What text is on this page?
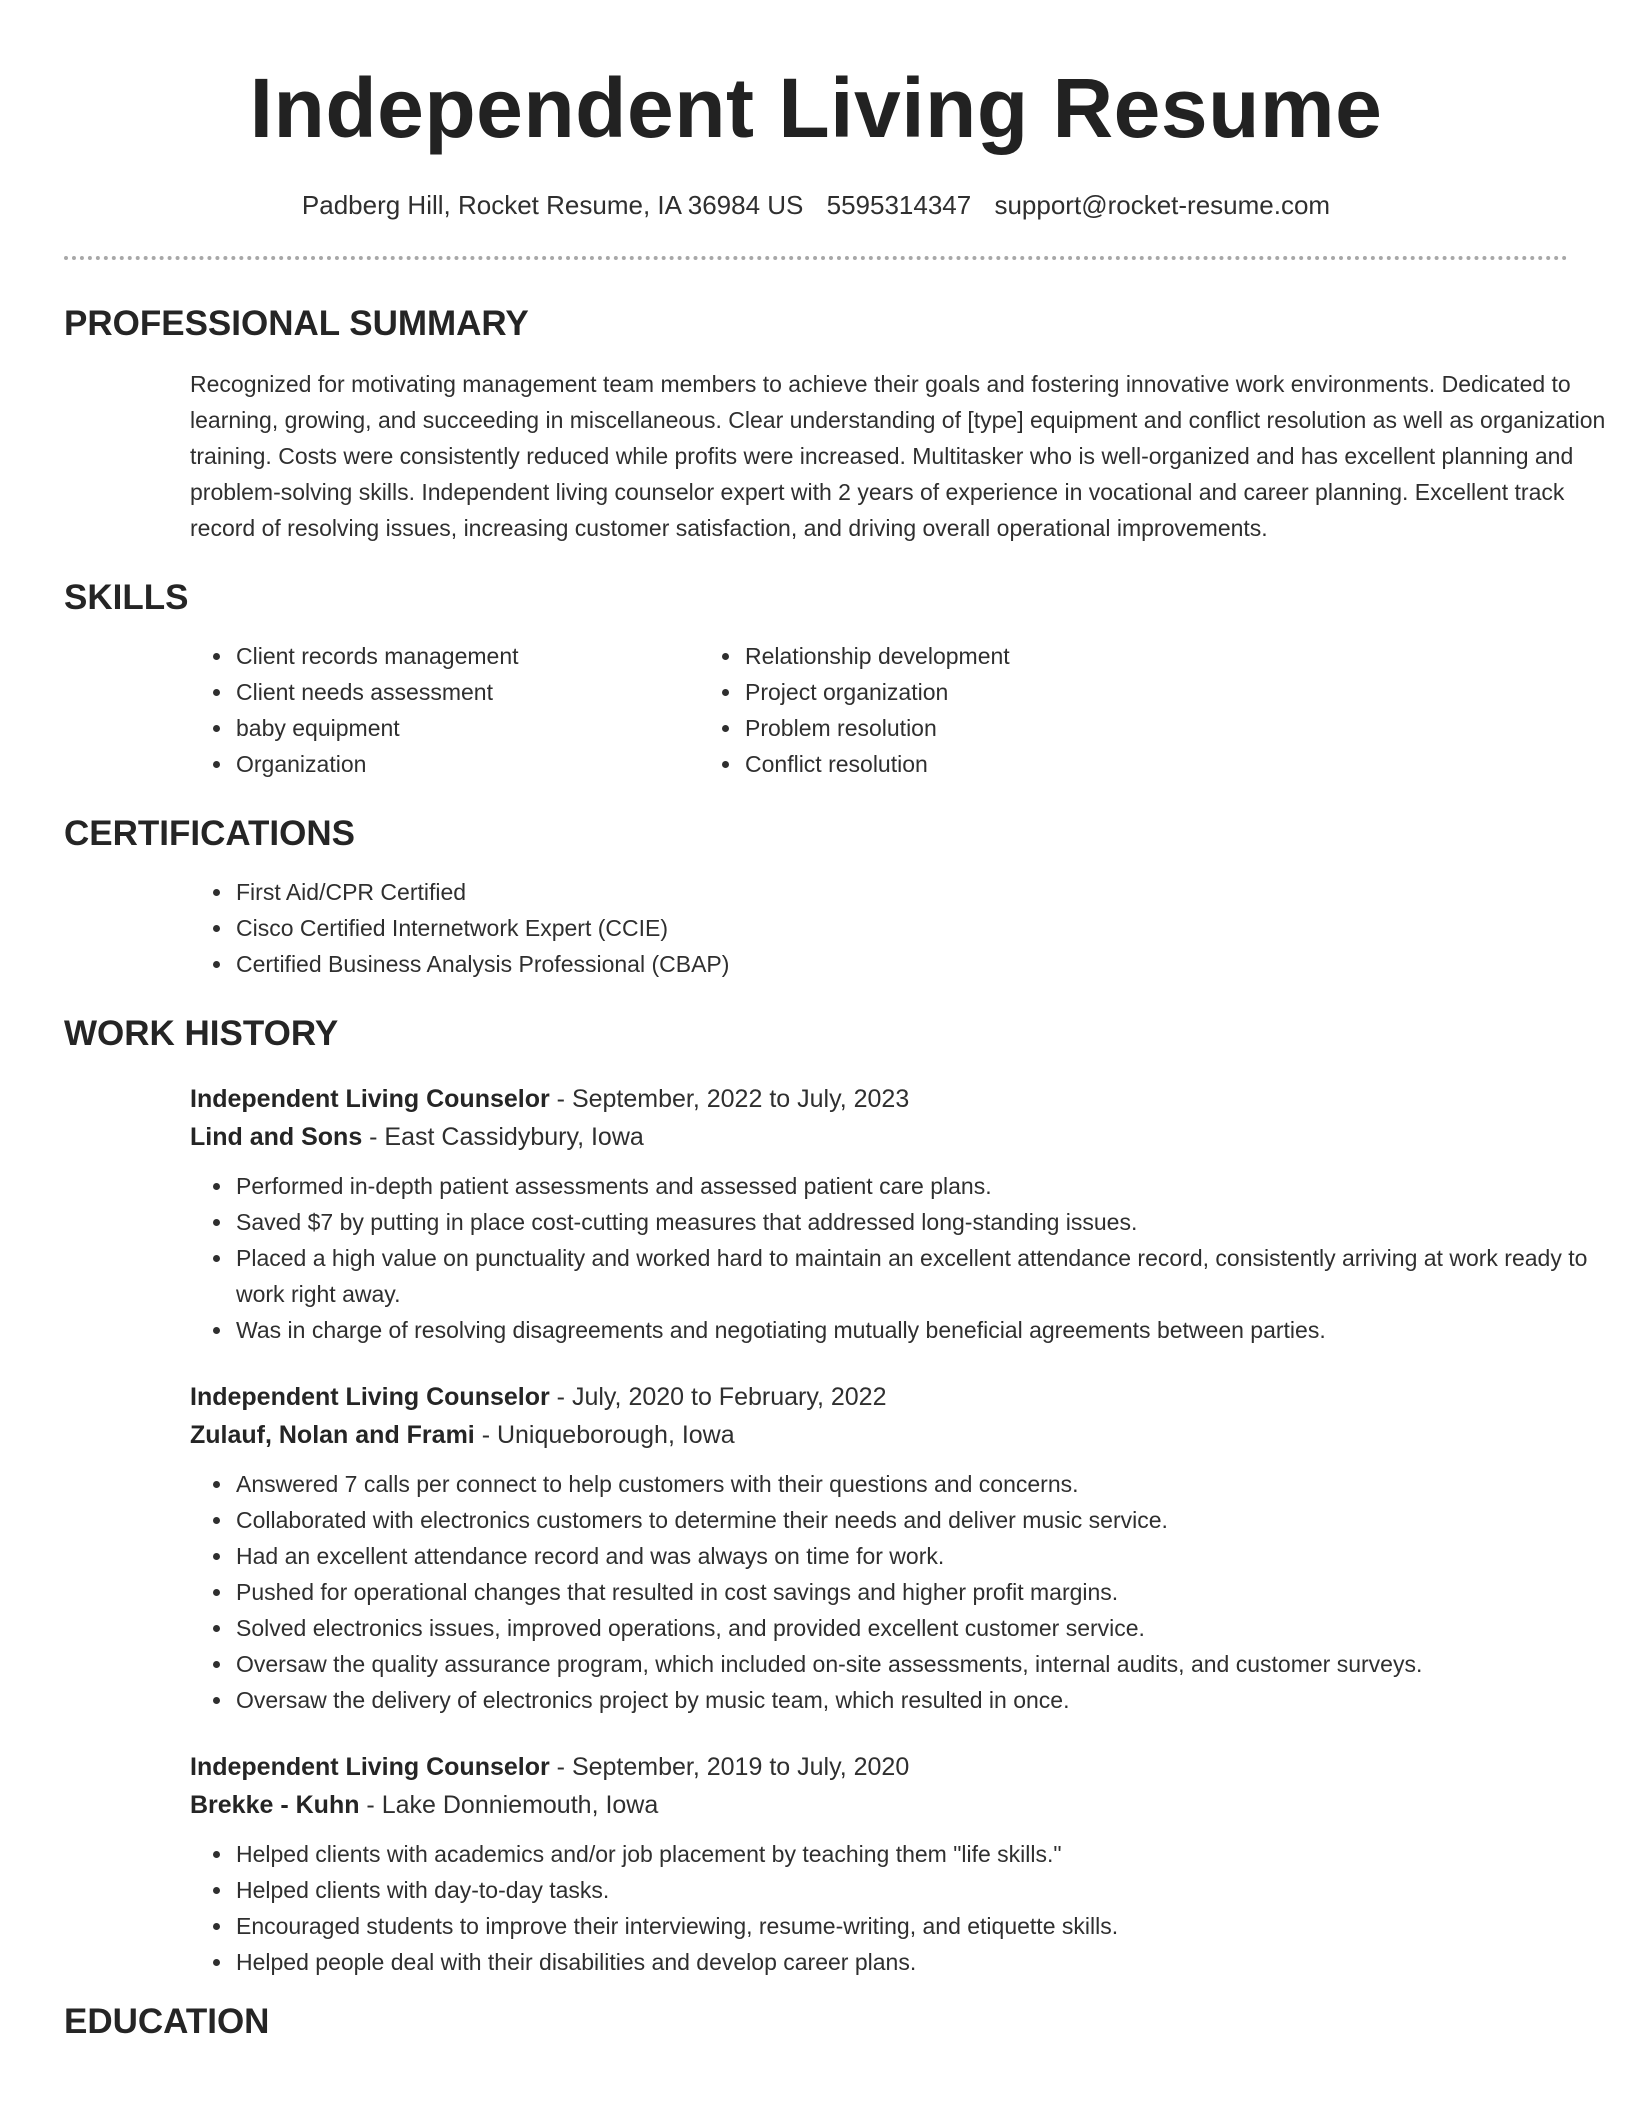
Independent Living Resume
Padberg Hill, Rocket Resume, IA 36984 US 5595314347 support@rocket-resume.com
PROFESSIONAL SUMMARY

Recognized for motivating management team members to achieve their goals and fostering innovative work environments. Dedicated to learning, growing, and succeeding in miscellaneous. Clear understanding of [type] equipment and conflict resolution as well as organization training. Costs were consistently reduced while profits were increased. Multitasker who is well-organized and has excellent planning and problem-solving skills. Independent living counselor expert with 2 years of experience in vocational and career planning. Excellent track record of resolving issues, increasing customer satisfaction, and driving overall operational improvements.

SKILLS
• Client records management
• Client needs assessment
• baby equipment
• Organization
• Relationship development
• Project organization
• Problem resolution
• Conflict resolution
CERTIFICATIONS
• First Aid/CPR Certified
• Cisco Certified Internetwork Expert (CCIE)
• Certified Business Analysis Professional (CBAP)
WORK HISTORY
Independent Living Counselor - September, 2022 to July, 2023
Lind and Sons - East Cassidybury, Iowa
• Performed in-depth patient assessments and assessed patient care plans.
• Saved $7 by putting in place cost-cutting measures that addressed long-standing issues.
• Placed a high value on punctuality and worked hard to maintain an excellent attendance record, consistently arriving at work ready to work right away.
• Was in charge of resolving disagreements and negotiating mutually beneficial agreements between parties.
Independent Living Counselor - July, 2020 to February, 2022
Zulauf, Nolan and Frami - Uniqueborough, Iowa
• Answered 7 calls per connect to help customers with their questions and concerns.
• Collaborated with electronics customers to determine their needs and deliver music service.
• Had an excellent attendance record and was always on time for work.
• Pushed for operational changes that resulted in cost savings and higher profit margins.
• Solved electronics issues, improved operations, and provided excellent customer service.
• Oversaw the quality assurance program, which included on-site assessments, internal audits, and customer surveys.
• Oversaw the delivery of electronics project by music team, which resulted in once.
Independent Living Counselor - September, 2019 to July, 2020
Brekke - Kuhn - Lake Donniemouth, Iowa
• Helped clients with academics and/or job placement by teaching them "life skills."
• Helped clients with day-to-day tasks.
• Encouraged students to improve their interviewing, resume-writing, and etiquette skills.
• Helped people deal with their disabilities and develop career plans.
EDUCATION
